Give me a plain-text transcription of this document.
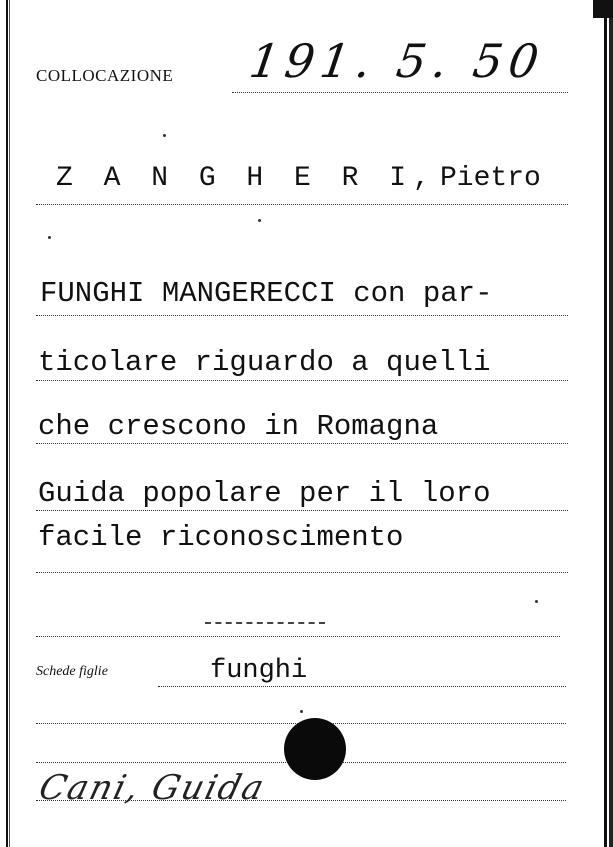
COLLOCAZIONE 191. 5. 50
Z A N G H E R I, Pietro
FUNGHI MANGERECCI con par-
ticolare riguardo a quelli
che crescono in Romagna
Guida popolare per il loro
facile riconoscimento
Schede figlie	funghi
Cani, Guida
